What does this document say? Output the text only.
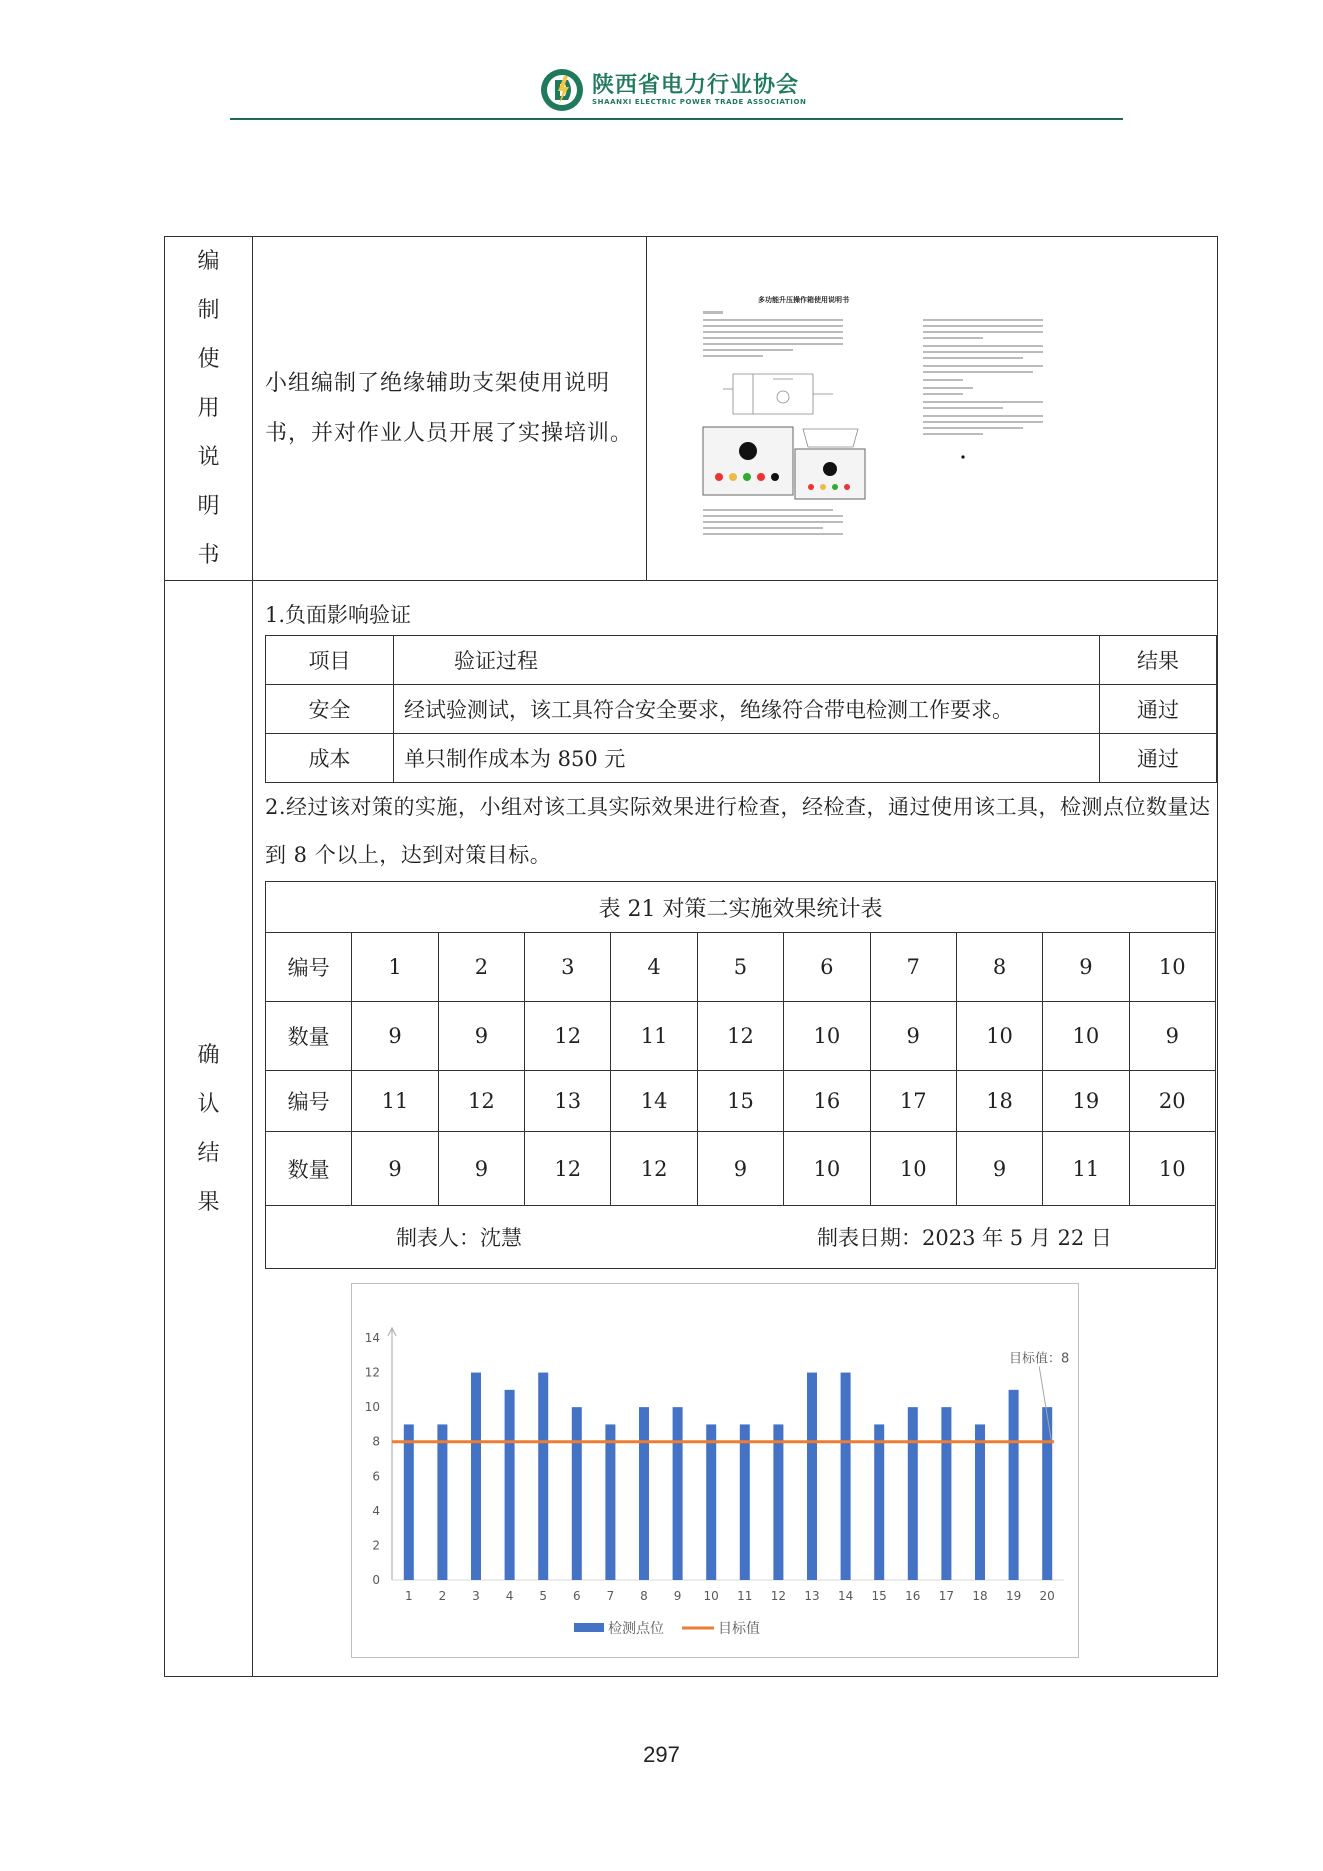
陕西省电力行业协会
SHAANXI ELECTRIC POWER TRADE ASSOCIATION
编制使用说明书	小组编制了绝缘辅助支架使用说明书，并对作业人员开展了实操培训。	
多功能升压操作箱使用说明书

确认结果	
1.负面影响验证
项目	验证过程	结果
安全	经试验测试，该工具符合安全要求，绝缘符合带电检测工作要求。	通过
成本	单只制作成本为 850 元	通过
2.经过该对策的实施，小组对该工具实际效果进行检查，经检查，通过使用该工具，检测点位数量达到 8 个以上，达到对策目标。
表 21 对策二实施效果统计表
编号	1	2	3	4	5	6	7	8	9	10
数量	9	9	12	11	12	10	9	10	10	9
编号	11	12	13	14	15	16	17	18	19	20
数量	9	9	12	12	9	10	10	9	11	10
制表人：沈慧	制表日期：2023 年 5 月 22 日
0
2
4
6
8
10
12
14
1 2 3 4 5 6 7 8 9 10 11 12 13 14 15 16 17 18 19 20
目标值：8
检测点位	目标值
297
